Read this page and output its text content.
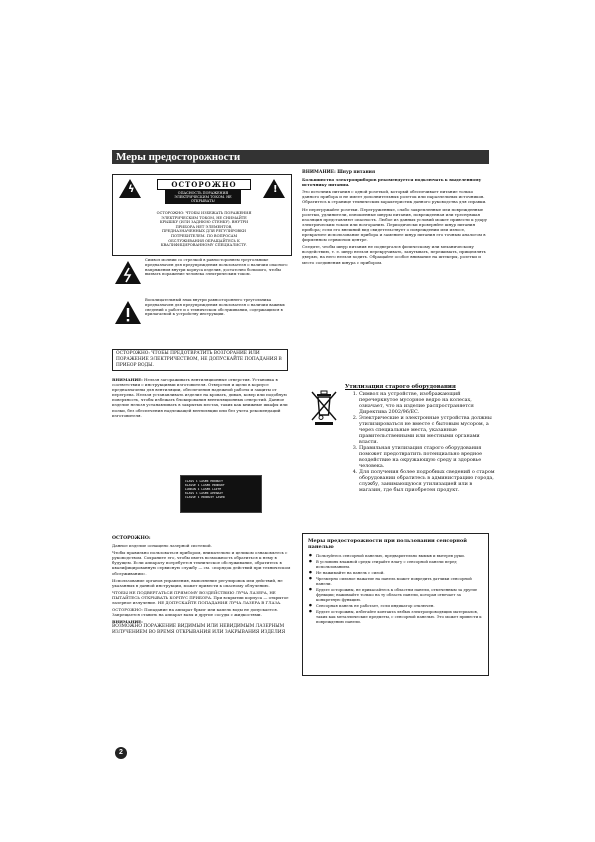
Меры предосторожности
ϟ	!
ОСТОРОЖНО
ОПАСНОСТЬ ПОРАЖЕНИЯ ЭЛЕКТРИЧЕСКИМ ТОКОМ. НЕ ОТКРЫВАТЬ!
ОСТОРОЖНО: ЧТОБЫ ИЗБЕЖАТЬ ПОРАЖЕНИЯ ЭЛЕКТРИЧЕСКИМ ТОКОМ, НЕ СНИМАЙТЕ КРЫШКУ (ИЛИ ЗАДНЮЮ СТЕНКУ). ВНУТРИ ПРИБОРА НЕТ ЭЛЕМЕНТОВ, ПРЕДНАЗНАЧЕННЫХ ДЛЯ РЕГУЛИРОВКИ ПОТРЕБИТЕЛЕМ. ПО ВОПРОСАМ ОБСЛУЖИВАНИЯ ОБРАЩАЙТЕСЬ К КВАЛИФИЦИРОВАННОМУ СПЕЦИАЛИСТУ.
Символ молнии со стрелкой в равностороннем треугольнике предназначен для предупреждения пользователя о наличии опасного напряжения внутри корпуса изделия, достаточно большого, чтобы вызвать поражение человека электрическим током.
Восклицательный знак внутри равностороннего треугольника предназначен для предупреждения пользователя о наличии важных сведений о работе и о техническом обслуживании, содержащихся в прилагаемой к устройству инструкции.
ОСТОРОЖНО: ЧТОБЫ ПРЕДОТВРАТИТЬ ВОЗГОРАНИЕ ИЛИ ПОРАЖЕНИЕ ЭЛЕКТРИЧЕСТВОМ, НЕ ДОПУСКАЙТЕ ПОПАДАНИЯ В ПРИБОР ВОДЫ.

ВНИМАНИЕ: Нельзя загораживать вентиляционные отверстия. Установка в соответствии с инструкциями изготовителя. Отверстия и щели в корпусе предназначены для вентиляции, обеспечения надежной работы и защиты от перегрева. Нельзя устанавливать изделие на кровать, диван, ковер или подобную поверхность, чтобы избежать блокирования вентиляционных отверстий. Данное изделие нельзя устанавливать в закрытых местах, таких как книжные шкафы или полки, без обеспечения надлежащей вентиляции или без учета рекомендаций изготовителя.

CLASS 1 LASER PRODUCT
KLASSE 1 LASER PRODUKT
LUOKAN 1 LASER LAITE
KLASS 1 LASER APPARAT
CLASSE 1 PRODUIT LASER

ОСТОРОЖНО:

Данное изделие оснащено лазерной системой.

Чтобы правильно пользоваться прибором, внимательно и целиком ознакомьтесь с руководством. Сохраните его, чтобы иметь возможность обратиться к нему в будущем. Если аппарату потребуется техническое обслуживание, обратитесь в квалифицированную сервисную службу — см. «порядок действий при техническом обслуживании».

Использование органов управления, выполнение регулировок или действий, не указанных в данной инструкции, может привести к опасному облучению.

ЧТОБЫ НЕ ПОДВЕРГАТЬСЯ ПРЯМОМУ ВОЗДЕЙСТВИЮ ЛУЧА ЛАЗЕРА, НЕ ПЫТАЙТЕСЬ ОТКРЫВАТЬ КОРПУС ПРИБОРА. При вскрытии корпуса — открытое лазерное излучение. НЕ ДОПУСКАЙТЕ ПОПАДАНИЯ ЛУЧА ЛАЗЕРА В ГЛАЗА.

ОСТОРОЖНО: Попадание на аппарат брызг или капель воды не допускается. Запрещается ставить на аппарат вазы и другие сосуды с жидкостями.

ВНИМАНИЕ:

ВОЗМОЖНО ПОРАЖЕНИЕ ВИДИМЫМ ИЛИ НЕВИДИМЫМ ЛАЗЕРНЫМ ИЗЛУЧЕНИЕМ ВО ВРЕМЯ ОТКРЫВАНИЯ ИЛИ ЗАКРЫВАНИЯ ИЗДЕЛИЯ

ВНИМАНИЕ: Шнур питания

Большинство электроприборов рекомендуется подключать к выделенному источнику питания.

Это источник питания с одной розеткой, который обеспечивает питание только данного прибора и не имеет дополнительных розеток или параллельных источников. Обратитесь к странице технических характеристик данного руководства для справки.

Не перегружайте розетки. Перегруженные, слабо закрепленные или поврежденные розетки, удлинители, изношенные шнуры питания, поврежденная или треснувшая изоляция представляют опасность. Любое из данных условий может привести к удару электрическим током или возгоранию. Периодически проверяйте шнур питания прибора; если его внешний вид свидетельствует о повреждении или износе, прекратите использование прибора и замените шнур питания его точным аналогом в фирменном сервисном центре.

Следите, чтобы шнур питания не подвергался физическому или механическому воздействию, т. е. шнур нельзя перекручивать, запутывать, пережимать, прищемлять дверью, на него нельзя ходить. Обращайте особое внимание на штекеры, розетки и место соединения шнура с прибором.

Утилизация старого оборудования
1. Символ на устройстве, изображающий перечеркнутое мусорное ведро на колесах, означает, что на изделие распространяется Директива 2002/96/EC.
2. Электрические и электронные устройства должны утилизироваться не вместе с бытовым мусором, а через специальные места, указанные правительственными или местными органами власти.
3. Правильная утилизация старого оборудования поможет предотвратить потенциально вредное воздействие на окружающую среду и здоровье человека.
4. Для получения более подробных сведений о старом оборудовании обратитесь в администрацию города, службу, занимающуюся утилизацией или в магазин, где был приобретен продукт.
Меры предосторожности при пользовании сенсорной панелью
● Пользуйтесь сенсорной панелью, предварительно вымыв и вытерев руки.
● В условиях влажной среды стирайте влагу с сенсорной панели перед использованием.
● Не нажимайте на панель с силой.
● Чрезмерно сильное нажатие на панель может повредить датчики сенсорной панели.
● Будьте осторожны, не прикасайтесь к областям панели, отмеченным за другие функции; нажимайте только на ту область панели, которая отвечает за конкретную функцию.
● Сенсорная панель не работает, если индикатор отключен.
● Будьте осторожны, избегайте контакта любых электропроводящих материалов, таких как металлические предметы, с сенсорной панелью. Это может привести к повреждению панели.
2
